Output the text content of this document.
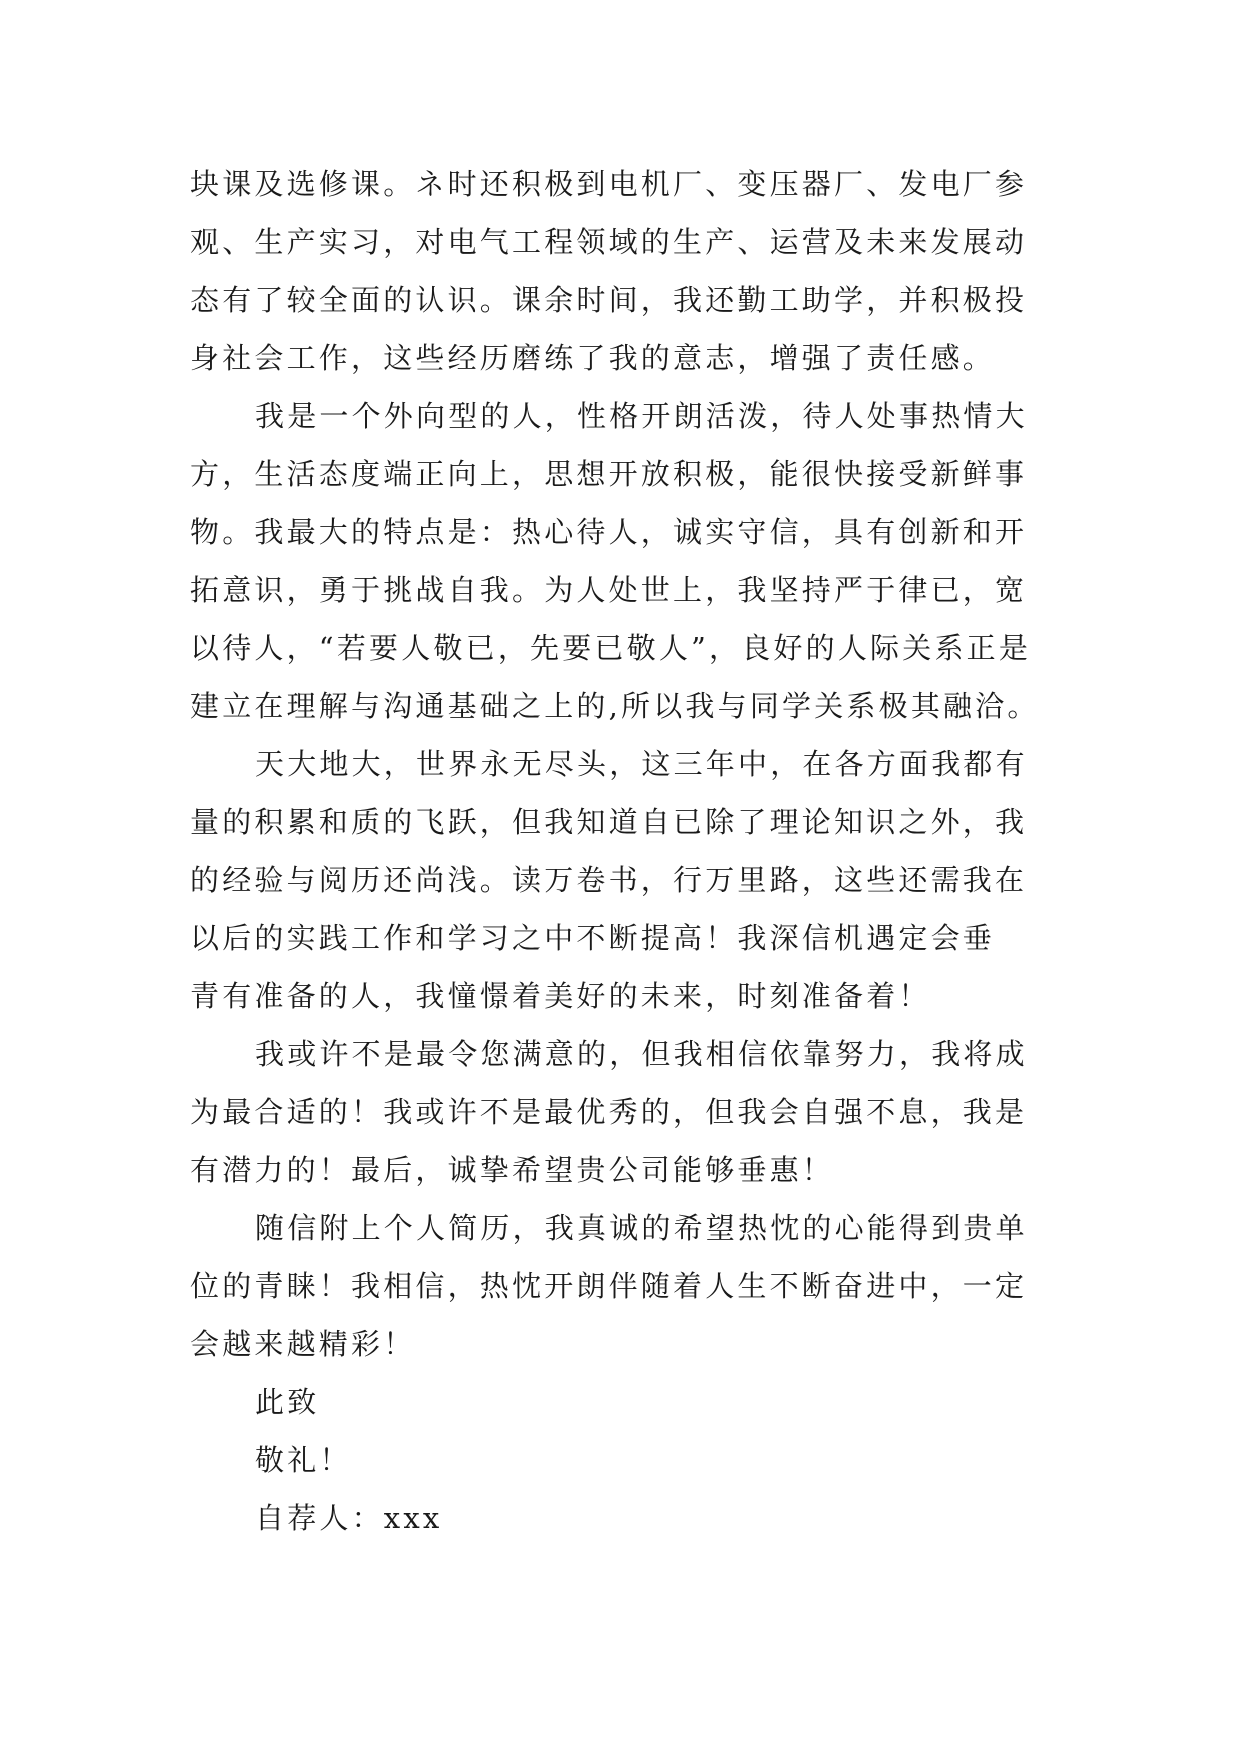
块课及选修课。ネ时还积极到电机厂、变压器厂、发电厂参
观、生产实习，对电气工程领域的生产、运营及未来发展动
态有了较全面的认识。课余时间，我还勤工助学，并积极投
身社会工作，这些经历磨练了我的意志，增强了责任感。
我是一个外向型的人，性格开朗活泼，待人处事热情大
方，生活态度端正向上，思想开放积极，能很快接受新鲜事
物。我最大的特点是：热心待人，诚实守信，具有创新和开
拓意识，勇于挑战自我。为人处世上，我坚持严于律已，宽
以待人，“若要人敬已，先要已敬人”，良好的人际关系正是
建立在理解与沟通基础之上的,所以我与同学关系极其融洽。
天大地大，世界永无尽头，这三年中，在各方面我都有
量的积累和质的飞跃，但我知道自已除了理论知识之外，我
的经验与阅历还尚浅。读万卷书，行万里路，这些还需我在
以后的实践工作和学习之中不断提高！我深信机遇定会垂
青有准备的人，我憧憬着美好的未来，时刻准备着！
我或许不是最令您满意的，但我相信依靠努力，我将成
为最合适的！我或许不是最优秀的，但我会自强不息，我是
有潜力的！最后，诚挚希望贵公司能够垂惠！
随信附上个人简历，我真诚的希望热忱的心能得到贵单
位的青睐！我相信，热忱开朗伴随着人生不断奋进中，一定
会越来越精彩！
此致
敬礼！
自荐人：xxx
